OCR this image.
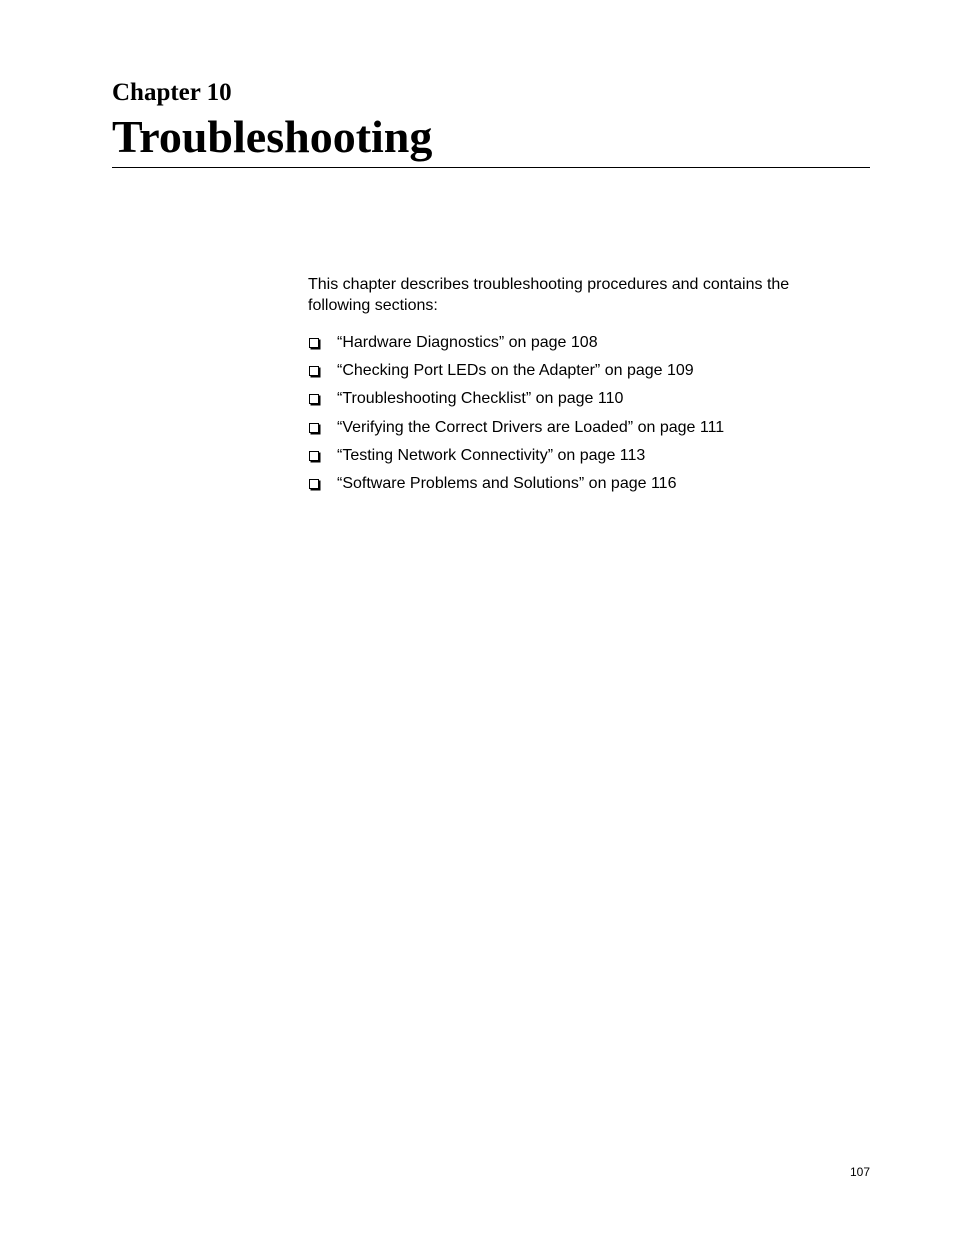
Chapter 10
Troubleshooting

This chapter describes troubleshooting procedures and contains the following sections:

“Hardware Diagnostics” on page 108
“Checking Port LEDs on the Adapter” on page 109
“Troubleshooting Checklist” on page 110
“Verifying the Correct Drivers are Loaded” on page 111
“Testing Network Connectivity” on page 113
“Software Problems and Solutions” on page 116

107
